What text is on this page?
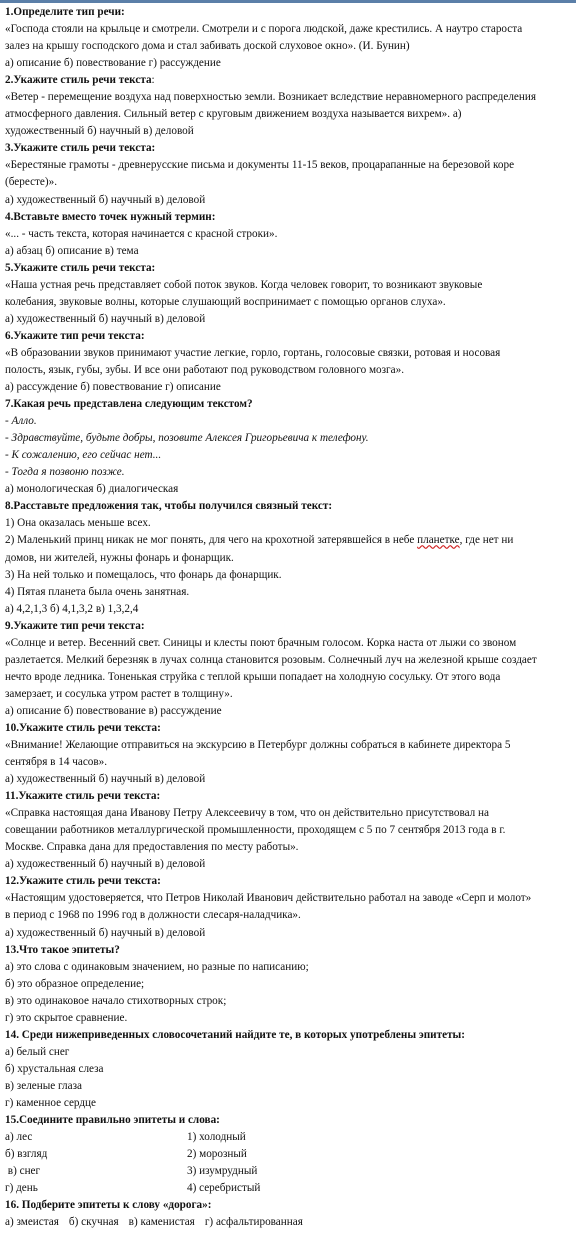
1.Определите тип речи:
«Господа стояли на крыльце и смотрели. Смотрели и с порога людской, даже крестились. А наутро староста
залез на крышу господского дома и стал забивать доской слуховое окно». (И. Бунин)
а) описание б) повествование г) рассуждение
2.Укажите стиль речи текста:
«Ветер - перемещение воздуха над поверхностью земли. Возникает вследствие неравномерного распределения
атмосферного давления. Сильный ветер с круговым движением воздуха называется вихрем». а)
художественный б) научный в) деловой
3.Укажите стиль речи текста:
«Берестяные грамоты - древнерусские письма и документы 11-15 веков, процарапанные на березовой коре
(бересте)».
а) художественный б) научный в) деловой
4.Вставьте вместо точек нужный термин:
«... - часть текста, которая начинается с красной строки».
а) абзац б) описание в) тема
5.Укажите стиль речи текста:
«Наша устная речь представляет собой поток звуков. Когда человек говорит, то возникают звуковые
колебания, звуковые волны, которые слушающий воспринимает с помощью органов слуха».
а) художественный б) научный в) деловой
6.Укажите тип речи текста:
«В образовании звуков принимают участие легкие, горло, гортань, голосовые связки, ротовая и носовая
полость, язык, губы, зубы. И все они работают под руководством головного мозга».
а) рассуждение б) повествование г) описание
7.Какая речь представлена следующим текстом?
- Алло.
- Здравствуйте, будьте добры, позовите Алексея Григорьевича к телефону.
- К сожалению, его сейчас нет...
- Тогда я позвоню позже.
а) монологическая б) диалогическая
8.Расставьте предложения так, чтобы получился связный текст:
1) Она оказалась меньше всех.
2) Маленький принц никак не мог понять, для чего на крохотной затерявшейся в небе планетке, где нет ни
домов, ни жителей, нужны фонарь и фонарщик.
3) На ней только и помещалось, что фонарь да фонарщик.
4) Пятая планета была очень занятная.
а) 4,2,1,3 б) 4,1,3,2 в) 1,3,2,4
9.Укажите тип речи текста:
«Солнце и ветер. Весенний свет. Синицы и клесты поют брачным голосом. Корка наста от лыжи со звоном
разлетается. Мелкий березняк в лучах солнца становится розовым. Солнечный луч на железной крыше создает
нечто вроде ледника. Тоненькая струйка с теплой крыши попадает на холодную сосульку. От этого вода
замерзает, и сосулька утром растет в толщину».
а) описание б) повествование в) рассуждение
10.Укажите стиль речи текста:
«Внимание! Желающие отправиться на экскурсию в Петербург должны собраться в кабинете директора 5
сентября в 14 часов».
а) художественный б) научный в) деловой
11.Укажите стиль речи текста:
«Справка настоящая дана Иванову Петру Алексеевичу в том, что он действительно присутствовал на
совещании работников металлургической промышленности, проходящем с 5 по 7 сентября 2013 года в г.
Москве. Справка дана для предоставления по месту работы».
а) художественный б) научный в) деловой
12.Укажите стиль речи текста:
«Настоящим удостоверяется, что Петров Николай Иванович действительно работал на заводе «Серп и молот»
в период с 1968 по 1996 год в должности слесаря-наладчика».
а) художественный б) научный в) деловой
13.Что такое эпитеты?
а) это слова с одинаковым значением, но разные по написанию;
б) это образное определение;
в) это одинаковое начало стихотворных строк;
г) это скрытое сравнение.
14. Среди нижеприведенных словосочетаний найдите те, в которых употреблены эпитеты:
а) белый снег
б) хрустальная слеза
в) зеленые глаза
г) каменное сердце
15.Соедините правильно эпитеты и слова:
а) лес	1) холодный
б) взгляд	2) морозный
в) снег	3) изумрудный
г) день	4) серебристый
16. Подберите эпитеты к слову «дорога»:
а) змеистая б) скучная в) каменистая г) асфальтированная
